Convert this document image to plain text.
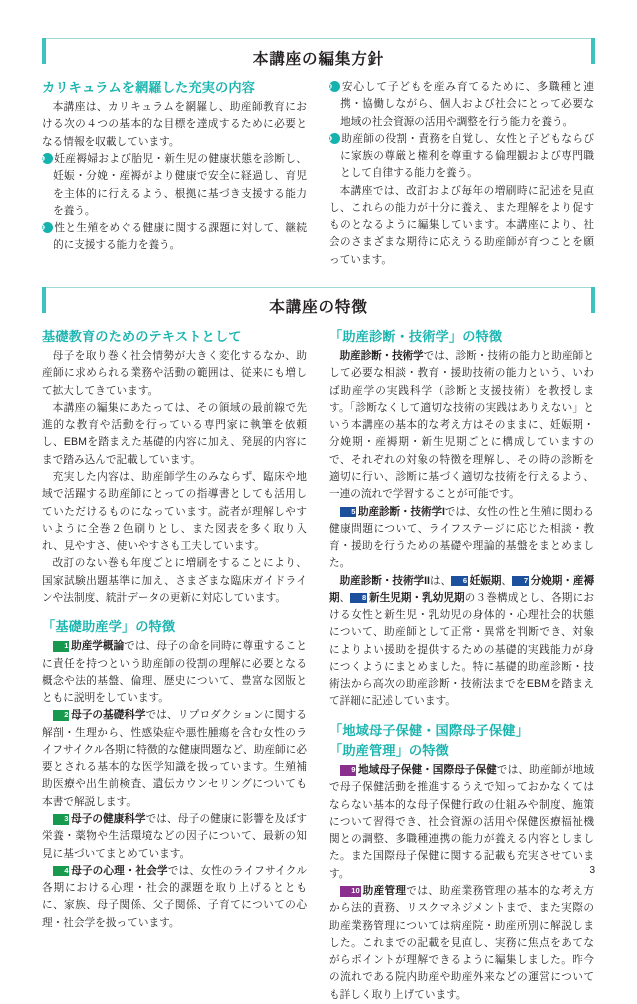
本講座の編集方針
カリキュラムを網羅した充実の内容

本講座は、カリキュラムを網羅し、助産師教育における次の４つの基本的な目標を達成するために必要となる情報を収載しています。

❶ 妊産褥婦および胎児・新生児の健康状態を診断し、妊娠・分娩・産褥がより健康で安全に経過し、育児を主体的に行えるよう、根拠に基づき支援する能力を養う。

❷ 性と生殖をめぐる健康に関する課題に対して、継続的に支援する能力を養う。

❸ 安心して子どもを産み育てるために、多職種と連携・協働しながら、個人および社会にとって必要な地域の社会資源の活用や調整を行う能力を養う。

❹ 助産師の役割・責務を自覚し、女性と子どもならびに家族の尊厳と権利を尊重する倫理観および専門職として自律する能力を養う。

本講座では、改訂および毎年の増刷時に記述を見直し、これらの能力が十分に養え、また理解をより促すものとなるように編集しています。本講座により、社会のさまざまな期待に応えうる助産師が育つことを願っています。

本講座の特徴
基礎教育のためのテキストとして

母子を取り巻く社会情勢が大きく変化するなか、助産師に求められる業務や活動の範囲は、従来にも増して拡大してきています。

本講座の編集にあたっては、その領域の最前線で先進的な教育や活動を行っている専門家に執筆を依頼し、EBMを踏まえた基礎的内容に加え、発展的内容にまで踏み込んで記載しています。

充実した内容は、助産師学生のみならず、臨床や地域で活躍する助産師にとっての指導書としても活用していただけるものになっています。読者が理解しやすいように全巻２色刷りとし、また図表を多く取り入れ、見やすさ、使いやすさも工夫しています。

改訂のない巻も年度ごとに増刷をすることにより、国家試験出題基準に加え、さまざまな臨床ガイドラインや法制度、統計データの更新に対応しています。

「基礎助産学」の特徴

1 助産学概論では、母子の命を同時に尊重することに責任を持つという助産師の役割の理解に必要となる概念や法的基盤、倫理、歴史について、豊富な図版とともに説明をしています。

2 母子の基礎科学では、リプロダクションに関する解剖・生理から、性感染症や悪性腫瘍を含む女性のライフサイクル各期に特徴的な健康問題など、助産師に必要とされる基本的な医学知識を扱っています。生殖補助医療や出生前検査、遺伝カウンセリングについても本書で解説します。

3 母子の健康科学では、母子の健康に影響を及ぼす栄養・薬物や生活環境などの因子について、最新の知見に基づいてまとめています。

4 母子の心理・社会学では、女性のライフサイクル各期における心理・社会的課題を取り上げるとともに、家族、母子関係、父子関係、子育てについての心理・社会学を扱っています。

「助産診断・技術学」の特徴

助産診断・技術学では、診断・技術の能力と助産師として必要な相談・教育・援助技術の能力という、いわば助産学の実践科学（診断と支援技術）を教授します。「診断なくして適切な技術の実践はありえない」という本講座の基本的な考え方はそのままに、妊娠期・分娩期・産褥期・新生児期ごとに構成していますので、それぞれの対象の特徴を理解し、その時の診断を適切に行い、診断に基づく適切な技術を行えるよう、一連の流れで学習することが可能です。

5 助産診断・技術学Iでは、女性の性と生殖に関わる健康問題について、ライフステージに応じた相談・教育・援助を行うための基礎や理論的基盤をまとめました。

助産診断・技術学IIは、 6 妊娠期、 7 分娩期・産褥期、 8 新生児期・乳幼児期の３巻構成とし、各期における女性と新生児・乳幼児の身体的・心理社会的状態について、助産師として正常・異常を判断でき、対象によりよい援助を提供するための基礎的実践能力が身につくようにまとめました。特に基礎的助産診断・技術法から高次の助産診断・技術法までをEBMを踏まえて詳細に記述しています。

「地域母子保健・国際母子保健」
「助産管理」の特徴

9 地域母子保健・国際母子保健では、助産師が地域で母子保健活動を推進するうえで知っておかなくてはならない基本的な母子保健行政の仕組みや制度、施策について習得でき、社会資源の活用や保健医療福祉機関との調整、多職種連携の能力が養える内容としました。また国際母子保健に関する記載も充実させています。

10 助産管理では、助産業務管理の基本的な考え方から法的責務、リスクマネジメントまで、また実際の助産業務管理については病産院・助産所別に解説しました。これまでの記載を見直し、実務に焦点をあてながらポイントが理解できるように編集しました。昨今の流れである院内助産や助産外来などの運営についても詳しく取り上げています。

3
